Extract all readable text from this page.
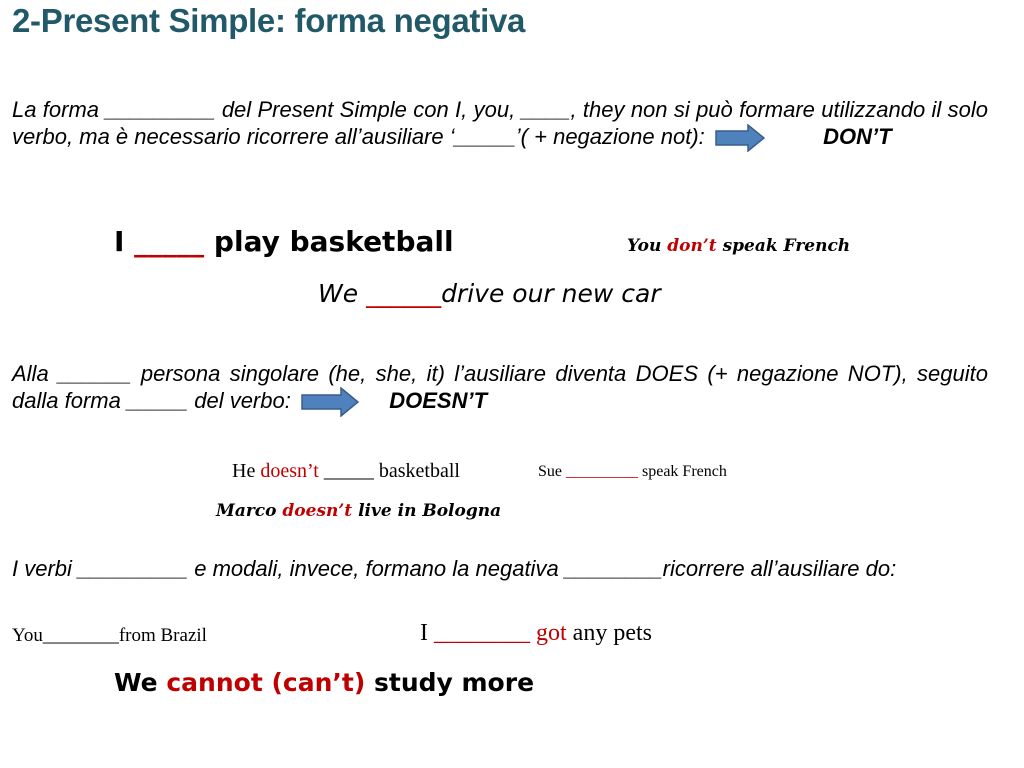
2-Present Simple: forma negativa
La forma _________ del Present Simple con I, you, ____, they non si può formare utilizzando il solo verbo, ma è necessario ricorrere all’ausiliare ‘_____’( + negazione not):	DON’T
I _____ play basketball	You don’t speak French
We ______drive our new car
Alla ______ persona singolare (he, she, it) l’ausiliare diventa DOES (+ negazione NOT), seguito dalla forma _____ del verbo:	DOESN’T
He doesn’t _____ basketball	Sue _________ speak French
Marco doesn’t live in Bologna
I verbi _________ e modali, invece, formano la negativa ________ricorrere all’ausiliare do:
You________from Brazil	I ________ got any pets
We cannot (can’t) study more
